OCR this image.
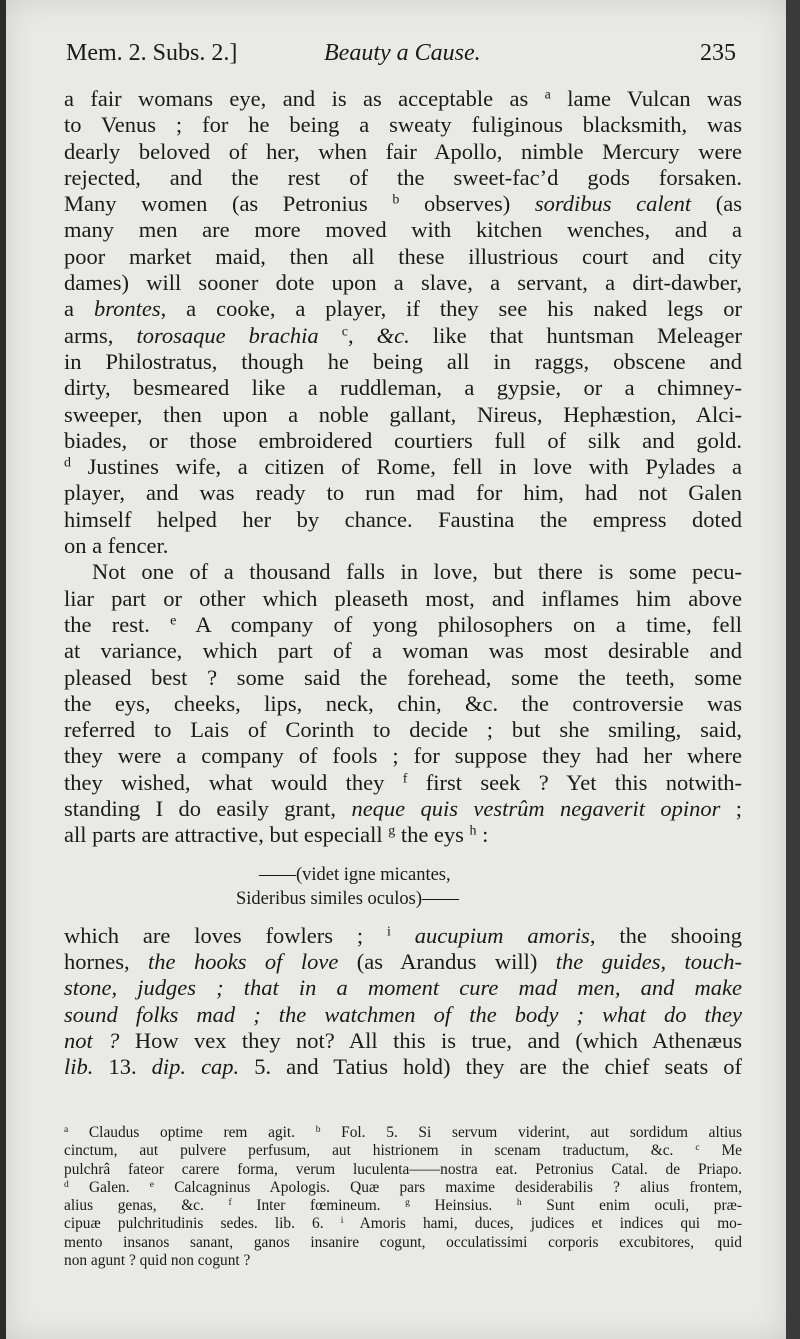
Mem. 2. Subs. 2.]	Beauty a Cause.	235
a fair womans eye, and is as acceptable as $^a$ lame Vulcan was
to Venus ; for he being a sweaty fuliginous blacksmith, was
dearly beloved of her, when fair Apollo, nimble Mercury were
rejected, and the rest of the sweet-fac’d gods forsaken.
Many women (as Petronius $^b$ observes) sordibus calent (as
many men are more moved with kitchen wenches, and a
poor market maid, then all these illustrious court and city
dames) will sooner dote upon a slave, a servant, a dirt-dawber,
a brontes, a cooke, a player, if they see his naked legs or
arms, torosaque brachia $^c$, &c. like that huntsman Meleager
in Philostratus, though he being all in raggs, obscene and
dirty, besmeared like a ruddleman, a gypsie, or a chimney-
sweeper, then upon a noble gallant, Nireus, Hephæstion, Alci-
biades, or those embroidered courtiers full of silk and gold.
$^d$ Justines wife, a citizen of Rome, fell in love with Pylades a
player, and was ready to run mad for him, had not Galen
himself helped her by chance. Faustina the empress doted
on a fencer.
Not one of a thousand falls in love, but there is some pecu-
liar part or other which pleaseth most, and inflames him above
the rest. $^e$ A company of yong philosophers on a time, fell
at variance, which part of a woman was most desirable and
pleased best ? some said the forehead, some the teeth, some
the eys, cheeks, lips, neck, chin, &c. the controversie was
referred to Lais of Corinth to decide ; but she smiling, said,
they were a company of fools ; for suppose they had her where
they wished, what would they $^f$ first seek ? Yet this notwith-
standing I do easily grant, neque quis vestrûm negaverit opinor ;
all parts are attractive, but especiall $^g$ the eys $^h$ :
——(videt igne micantes,
Sideribus similes oculos)——
which are loves fowlers ; $^i$ aucupium amoris, the shooing
hornes, the hooks of love (as Arandus will) the guides, touch-
stone, judges ; that in a moment cure mad men, and make
sound folks mad ; the watchmen of the body ; what do they
not ? How vex they not? All this is true, and (which Athenæus
lib. 13. dip. cap. 5. and Tatius hold) they are the chief seats of
$^a$ Claudus optime rem agit. $^b$ Fol. 5. Si servum viderint, aut sordidum altius
cinctum, aut pulvere perfusum, aut histrionem in scenam traductum, &c. $^c$ Me
pulchrâ fateor carere forma, verum luculenta——nostra eat. Petronius Catal. de Priapo.
$^d$ Galen. $^e$ Calcagninus Apologis. Quæ pars maxime desiderabilis ? alius frontem,
alius genas, &c. $^f$ Inter fœmineum. $^g$ Heinsius. $^h$ Sunt enim oculi, præ-
cipuæ pulchritudinis sedes. lib. 6. $^i$ Amoris hami, duces, judices et indices qui mo-
mento insanos sanant, ganos insanire cogunt, occulatissimi corporis excubitores, quid
non agunt ? quid non cogunt ?
